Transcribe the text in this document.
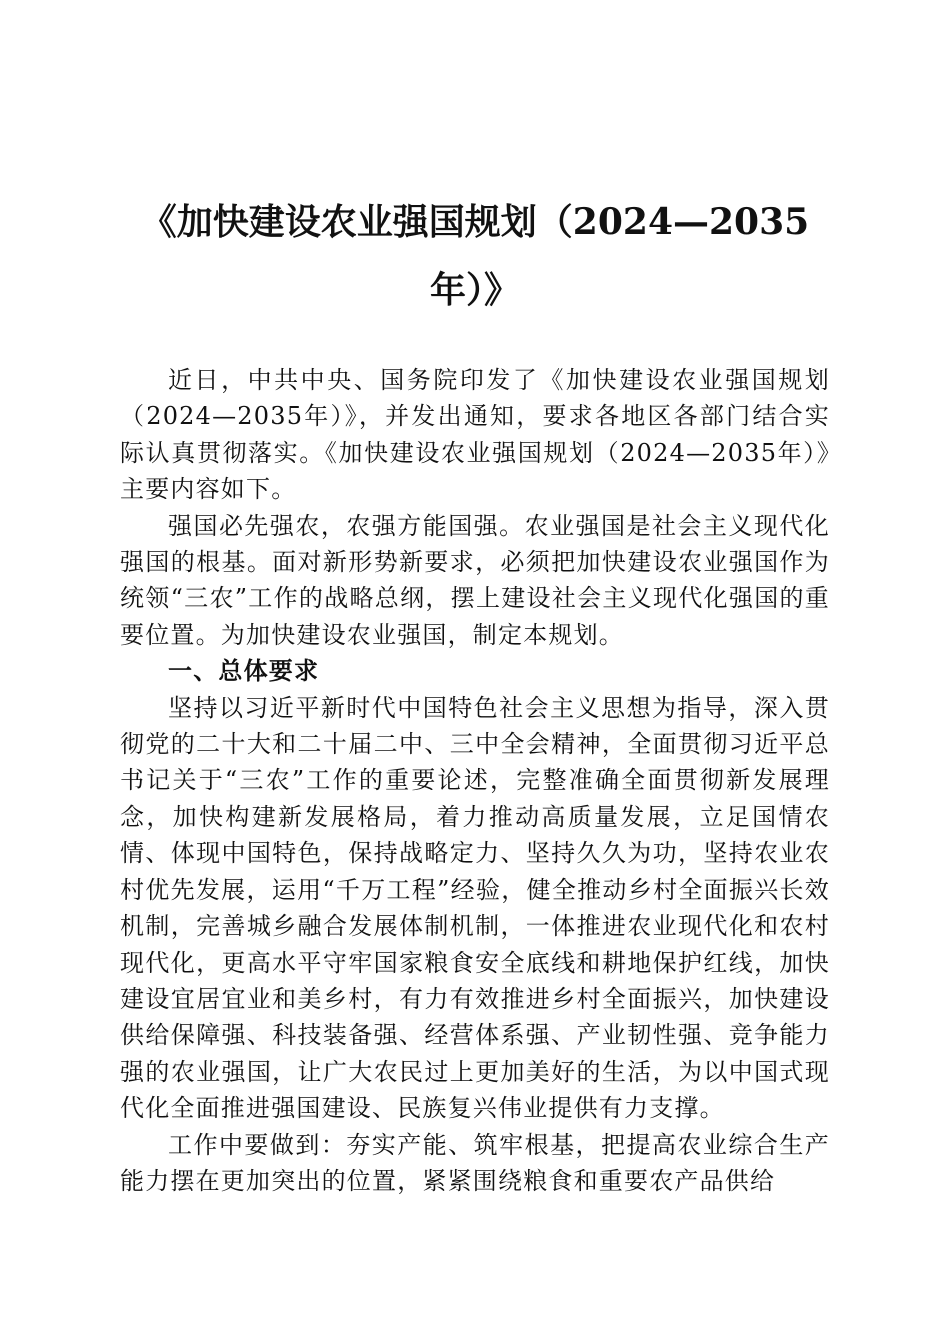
《加快建设农业强国规划（2024—2035
年）》

近日，中共中央、国务院印发了《加快建设农业强国规划（2024—2035年）》，并发出通知，要求各地区各部门结合实际认真贯彻落实。《加快建设农业强国规划（2024—2035年）》主要内容如下。

强国必先强农，农强方能国强。农业强国是社会主义现代化强国的根基。面对新形势新要求，必须把加快建设农业强国作为统领“三农”工作的战略总纲，摆上建设社会主义现代化强国的重要位置。为加快建设农业强国，制定本规划。

一、总体要求

坚持以习近平新时代中国特色社会主义思想为指导，深入贯彻党的二十大和二十届二中、三中全会精神，全面贯彻习近平总书记关于“三农”工作的重要论述，完整准确全面贯彻新发展理念，加快构建新发展格局，着力推动高质量发展，立足国情农情、体现中国特色，保持战略定力、坚持久久为功，坚持农业农村优先发展，运用“千万工程”经验，健全推动乡村全面振兴长效机制，完善城乡融合发展体制机制，一体推进农业现代化和农村现代化，更高水平守牢国家粮食安全底线和耕地保护红线，加快建设宜居宜业和美乡村，有力有效推进乡村全面振兴，加快建设供给保障强、科技装备强、经营体系强、产业韧性强、竞争能力强的农业强国，让广大农民过上更加美好的生活，为以中国式现代化全面推进强国建设、民族复兴伟业提供有力支撑。

工作中要做到：夯实产能、筑牢根基，把提高农业综合生产能力摆在更加突出的位置，紧紧围绕粮食和重要农产品供给
